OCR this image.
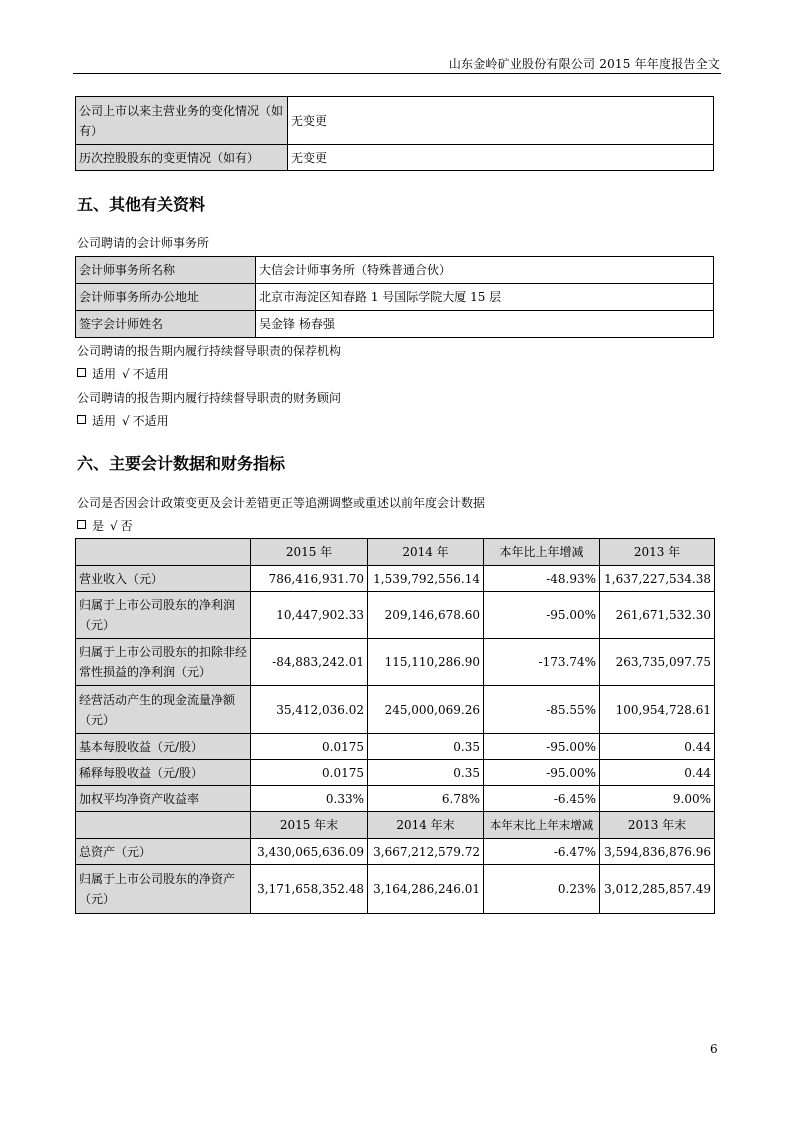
山东金岭矿业股份有限公司 2015 年年度报告全文
公司上市以来主营业务的变化情况（如有）	无变更
历次控股股东的变更情况（如有）	无变更
五、其他有关资料
公司聘请的会计师事务所
会计师事务所名称	大信会计师事务所（特殊普通合伙）
会计师事务所办公地址	北京市海淀区知春路 1 号国际学院大厦 15 层
签字会计师姓名	吴金锋 杨春强
公司聘请的报告期内履行持续督导职责的保荐机构
适用 √ 不适用
公司聘请的报告期内履行持续督导职责的财务顾问
适用 √ 不适用
六、主要会计数据和财务指标
公司是否因会计政策变更及会计差错更正等追溯调整或重述以前年度会计数据
是 √ 否
	2015 年	2014 年	本年比上年增减	2013 年
营业收入（元）	786,416,931.70	1,539,792,556.14	-48.93%	1,637,227,534.38
归属于上市公司股东的净利润（元）	10,447,902.33	209,146,678.60	-95.00%	261,671,532.30
归属于上市公司股东的扣除非经常性损益的净利润（元）	-84,883,242.01	115,110,286.90	-173.74%	263,735,097.75
经营活动产生的现金流量净额（元）	35,412,036.02	245,000,069.26	-85.55%	100,954,728.61
基本每股收益（元/股）	0.0175	0.35	-95.00%	0.44
稀释每股收益（元/股）	0.0175	0.35	-95.00%	0.44
加权平均净资产收益率	0.33%	6.78%	-6.45%	9.00%
	2015 年末	2014 年末	本年末比上年末增减	2013 年末
总资产（元）	3,430,065,636.09	3,667,212,579.72	-6.47%	3,594,836,876.96
归属于上市公司股东的净资产（元）	3,171,658,352.48	3,164,286,246.01	0.23%	3,012,285,857.49
6
